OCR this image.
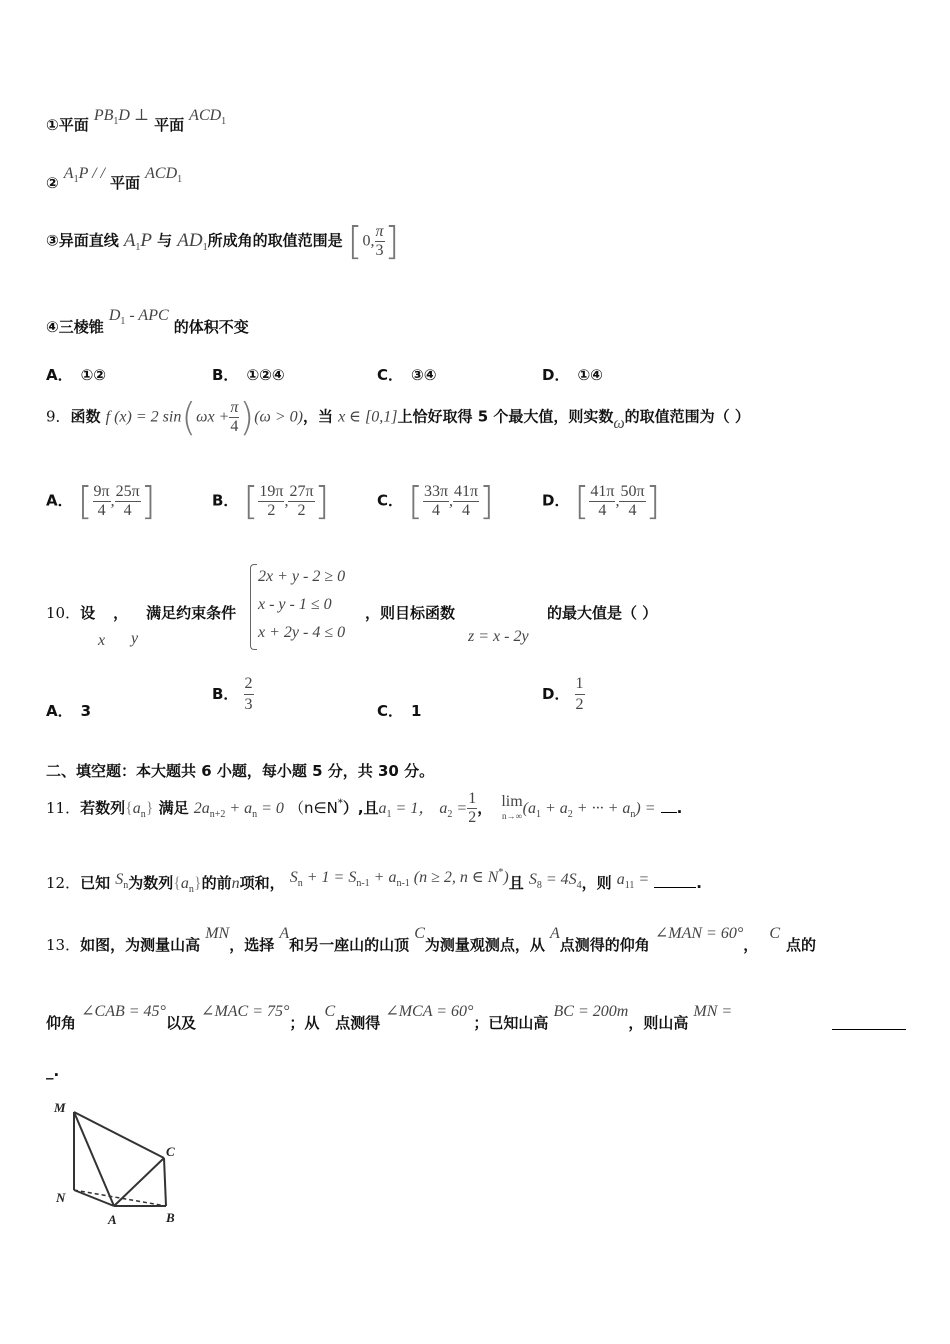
①平面 $PB_1D$ ⊥ 平面 $ACD_1$
② $A_1P$ / / 平面 $ACD_1$
③异面直线 $A_1P$ 与 $AD_1$所成角的取值范围是 [0, $\frac{\pi}{3}$ ]
④三棱锥 $D_1$ - APC 的体积不变
A． ①②	B． ①②④	C． ③④	D． ①④
9．函数 f (x) = 2 $\sin(\omega x + \frac{\pi}{4} )(\omega > 0)$，当 x ∈ [0,1]上恰好取得 5 个最大值，则实数ω的取值范围为（ ）
A． [ $\frac{9\pi}{4}$ , $\frac{25\pi}{4}$ ]	B． [ $\frac{19\pi}{2}$ , $\frac{27\pi}{2}$ ]	C． [ $\frac{33\pi}{4}$ , $\frac{41\pi}{4}$ ]	D． [ $\frac{41\pi}{4}$ , $\frac{50\pi}{4}$ ]
10．设 ， 满足约束条件
x y
2x + y - 2 ≥ 0
x - y - 1 ≤ 0
x + 2y - 4 ≤ 0
，则目标函数
z = x - 2y
的最大值是（ ）
A． 3
B． $\frac{2}{3}$	C． 1
D． $\frac{1}{2}$
二、填空题：本大题共 6 小题，每小题 5 分，共 30 分。
11．若数列$\{a_n\}$ 满足 $2a_{n+2} + a_n = 0$ （n∈N*）,且$a_1 = 1$， $a_2 = \frac{1}{2}$ ， lim
n→∞ ($a_1 + a_2$ + ··· + $a_n$) = .
12．已知 $S_n$为数列$\{a_n\}$的前n项和， $S_n + 1 = S_{n-1} + a_{n-1}$ (n ≥ 2, n ∈ N*)且 $S_8 = 4S_4$，则 $a_{11}$ =	.
13．如图，为测量山高 MN，选择 A和另一座山的山顶 C为测量观测点，从 A点测得的仰角 ∠MAN = 60°， C点的
仰角 ∠CAB = 45°以及 ∠MAC = 75°；从 C点测得 ∠MCA = 60°；已知山高 BC = 200m，则山高 MN =
_.
M
N
A	B
C
